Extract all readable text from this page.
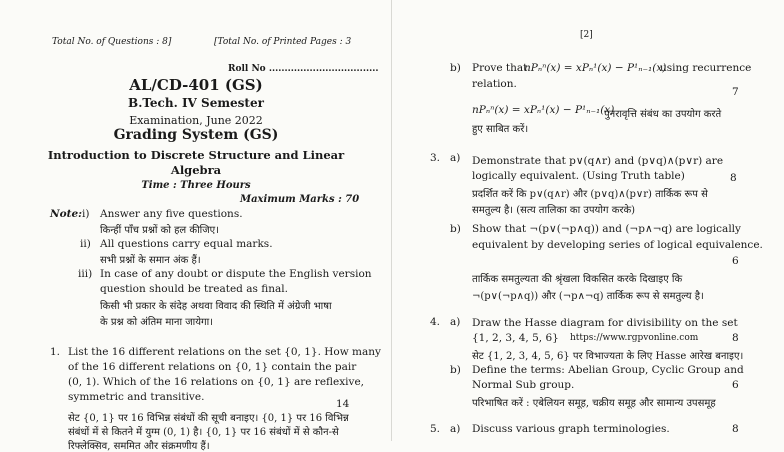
Total No. of Questions : 8]	[Total No. of Printed Pages : 3
Roll No ...................................
AL/CD-401 (GS)
B.Tech. IV Semester
Examination, June 2022
Grading System (GS)
Introduction to Discrete Structure and Linear
Algebra
Time : Three Hours
Maximum Marks : 70
Note: i) Answer any five questions.
किन्हीं पाँच प्रश्नों को हल कीजिए।
ii) All questions carry equal marks.
सभी प्रश्नों के समान अंक हैं।
iii) In case of any doubt or dispute the English version
question should be treated as final.
किसी भी प्रकार के संदेह अथवा विवाद की स्थिति में अंग्रेजी भाषा
के प्रश्न को अंतिम माना जायेगा।
1. List the 16 different relations on the set {0, 1}. How many
of the 16 different relations on {0, 1} contain the pair
(0, 1). Which of the 16 relations on {0, 1} are reflexive,
symmetric and transitive.
14
सेट {0, 1} पर 16 विभिन्न संबंधों की सूची बनाइए। {0, 1} पर 16 विभिन्न
संबंधों में से कितने में युग्म (0, 1) है। {0, 1} पर 16 संबंधों में से कौन-से
रिफ्लेक्सिव, सममित और संक्रमणीय हैं।
[2]
b) Prove that
nPₙⁿ(x) = xPₙ¹(x) − P¹ₙ₋₁(x)
using recurrence
relation.
7
nPₙⁿ(x) = xPₙ¹(x) − P¹ₙ₋₁(x)
पुनरावृत्ति संबंध का उपयोग करते
हुए साबित करें।
3. a) Demonstrate that p∨(q∧r) and (p∨q)∧(p∨r) are
logically equivalent. (Using Truth table)	8
प्रदर्शित करें कि p∨(q∧r) और (p∨q)∧(p∨r) तार्किक रूप से
समतुल्य है। (सत्य तालिका का उपयोग करके)
b) Show that ¬(p∨(¬p∧q)) and (¬p∧¬q) are logically
equivalent by developing series of logical equivalence.
6
तार्किक समतुल्यता की श्रृंखला विकसित करके दिखाइए कि
¬(p∨(¬p∧q)) और (¬p∧¬q) तार्किक रूप से समतुल्य है।
4. a) Draw the Hasse diagram for divisibility on the set
{1, 2, 3, 4, 5, 6} https://www.rgpvonline.com	8
सेट {1, 2, 3, 4, 5, 6} पर विभाज्यता के लिए Hasse आरेख बनाइए।
b) Define the terms: Abelian Group, Cyclic Group and
Normal Sub group.	6
परिभाषित करें : एबेलियन समूह, चक्रीय समूह और सामान्य उपसमूह
5. a) Discuss various graph terminologies.	8
